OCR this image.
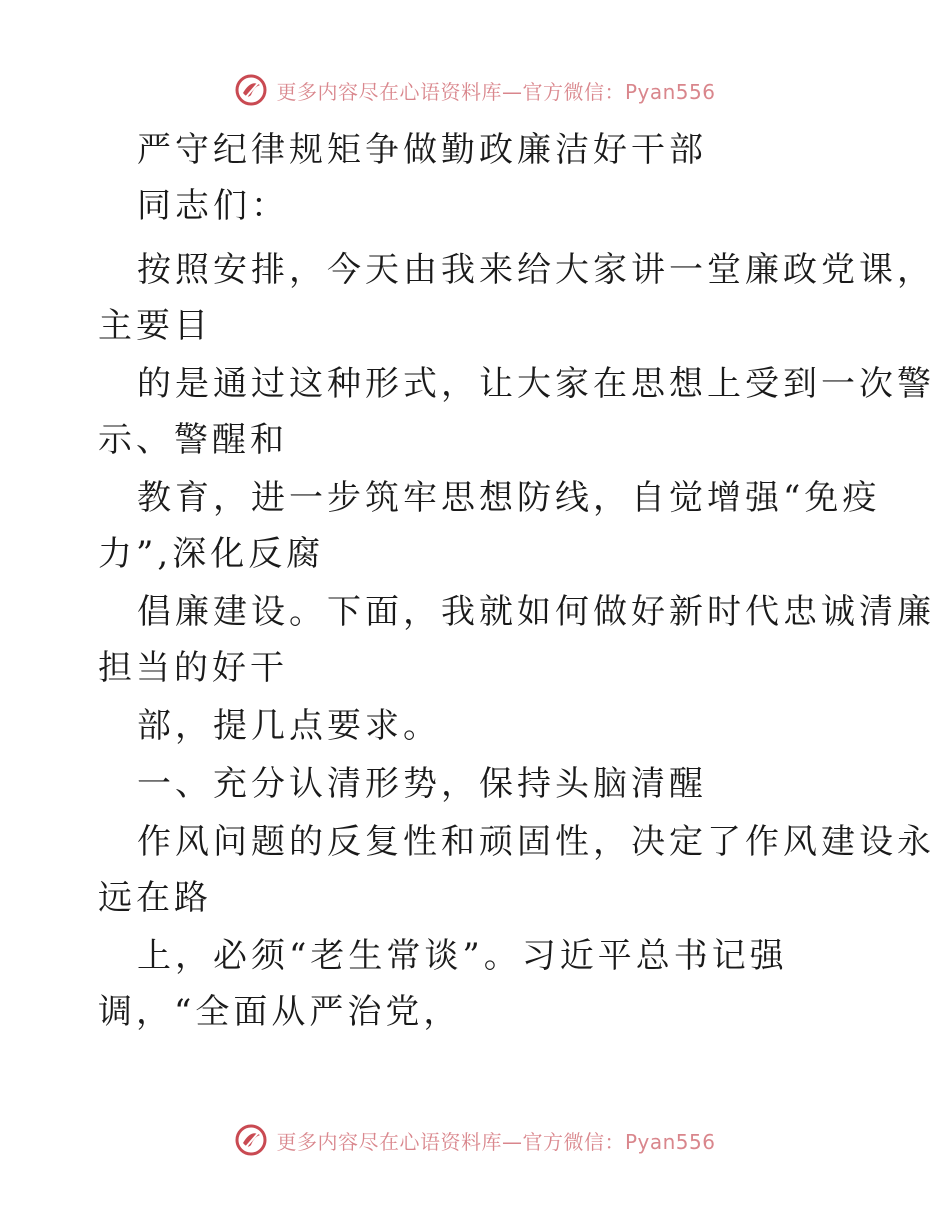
更多内容尽在心语资料库—官方微信：Pyan556
严守纪律规矩争做勤政廉洁好干部
同志们：
按照安排，今天由我来给大家讲一堂廉政党课，
主要目
的是通过这种形式，让大家在思想上受到一次警
示、警醒和
教育，进一步筑牢思想防线，自觉增强“免疫
力”,深化反腐
倡廉建设。下面，我就如何做好新时代忠诚清廉
担当的好干
部，提几点要求。
一、充分认清形势，保持头脑清醒
作风问题的反复性和顽固性，决定了作风建设永
远在路
上，必须“老生常谈”。习近平总书记强
调，“全面从严治党，
更多内容尽在心语资料库—官方微信：Pyan556
